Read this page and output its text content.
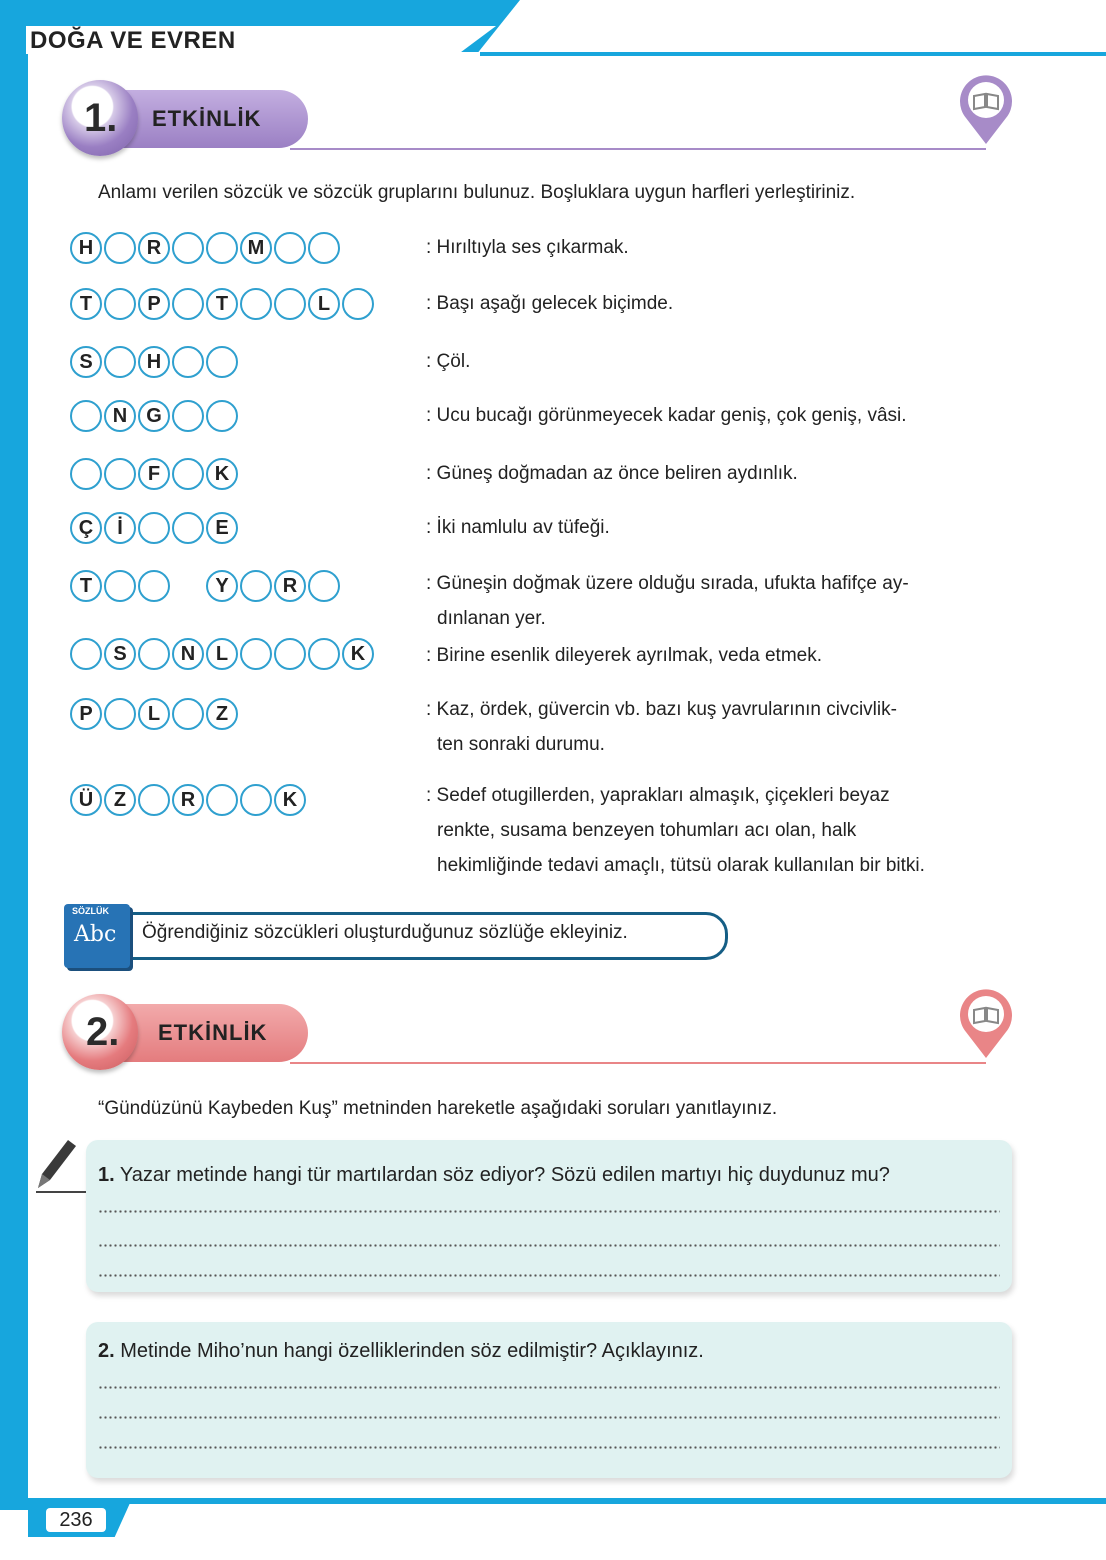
DOĞA VE EVREN
1. ETKİNLİK
Anlamı verilen sözcük ve sözcük gruplarını bulunuz. Boşluklara uygun harfleri yerleştiriniz.
H	R	M	: Hırıltıyla ses çıkarmak.
T	P	T	L	: Başı aşağı gelecek biçimde.
S	H	: Çöl.
N G	: Ucu bucağı görünmeyecek kadar geniş, çok geniş, vâsi.
F	K	: Güneş doğmadan az önce beliren aydınlık.
Ç	İ	E	: İki namlulu av tüfeği.
T	Y	R	: Güneşin doğmak üzere olduğu sırada, ufukta hafifçe ay-
dınlanan yer.
S	N	L	K	: Birine esenlik dileyerek ayrılmak, veda etmek.
P	L	Z	: Kaz, ördek, güvercin vb. bazı kuş yavrularının civcivlik-
ten sonraki durumu.
Ü	Z	R	K	: Sedef otugillerden, yaprakları almaşık, çiçekleri beyaz
renkte, susama benzeyen tohumları acı olan, halk
hekimliğinde tedavi amaçlı, tütsü olarak kullanılan bir bitki.
SÖZLÜK
Abc Öğrendiğiniz sözcükleri oluşturduğunuz sözlüğe ekleyiniz.
2. ETKİNLİK
“Gündüzünü Kaybeden Kuş” metninden hareketle aşağıdaki soruları yanıtlayınız.
1. Yazar metinde hangi tür martılardan söz ediyor? Sözü edilen martıyı hiç duydunuz mu?
2. Metinde Miho’nun hangi özelliklerinden söz edilmiştir? Açıklayınız.
236
